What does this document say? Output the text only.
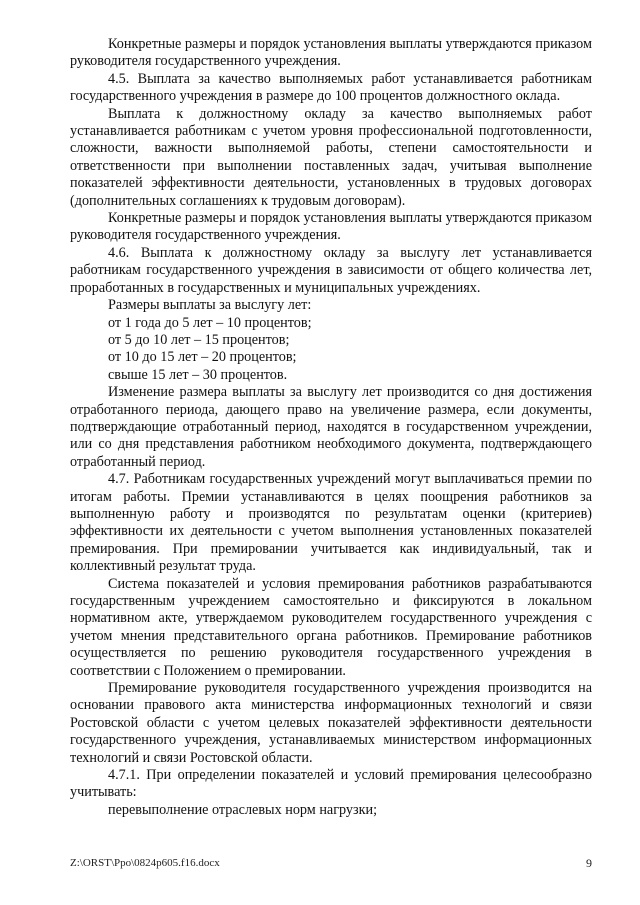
Конкретные размеры и порядок установления выплаты утверждаются приказом руководителя государственного учреждения.

4.5. Выплата за качество выполняемых работ устанавливается работникам государственного учреждения в размере до 100 процентов должностного оклада.

Выплата к должностному окладу за качество выполняемых работ устанавливается работникам с учетом уровня профессиональной подготовленности, сложности, важности выполняемой работы, степени самостоятельности и ответственности при выполнении поставленных задач, учитывая выполнение показателей эффективности деятельности, установленных в трудовых договорах (дополнительных соглашениях к трудовым договорам).

Конкретные размеры и порядок установления выплаты утверждаются приказом руководителя государственного учреждения.

4.6. Выплата к должностному окладу за выслугу лет устанавливается работникам государственного учреждения в зависимости от общего количества лет, проработанных в государственных и муниципальных учреждениях.

Размеры выплаты за выслугу лет:

от 1 года до 5 лет – 10 процентов;

от 5 до 10 лет – 15 процентов;

от 10 до 15 лет – 20 процентов;

свыше 15 лет – 30 процентов.

Изменение размера выплаты за выслугу лет производится со дня достижения отработанного периода, дающего право на увеличение размера, если документы, подтверждающие отработанный период, находятся в государственном учреждении, или со дня представления работником необходимого документа, подтверждающего отработанный период.

4.7. Работникам государственных учреждений могут выплачиваться премии по итогам работы. Премии устанавливаются в целях поощрения работников за выполненную работу и производятся по результатам оценки (критериев) эффективности их деятельности с учетом выполнения установленных показателей премирования. При премировании учитывается как индивидуальный, так и коллективный результат труда.

Система показателей и условия премирования работников разрабатываются государственным учреждением самостоятельно и фиксируются в локальном нормативном акте, утверждаемом руководителем государственного учреждения с учетом мнения представительного органа работников. Премирование работников осуществляется по решению руководителя государственного учреждения в соответствии с Положением о премировании.

Премирование руководителя государственного учреждения производится на основании правового акта министерства информационных технологий и связи Ростовской области с учетом целевых показателей эффективности деятельности государственного учреждения, устанавливаемых министерством информационных технологий и связи Ростовской области.

4.7.1. При определении показателей и условий премирования целесообразно учитывать:

перевыполнение отраслевых норм нагрузки;

Z:\ORST\Ppo\0824p605.f16.docx	9
